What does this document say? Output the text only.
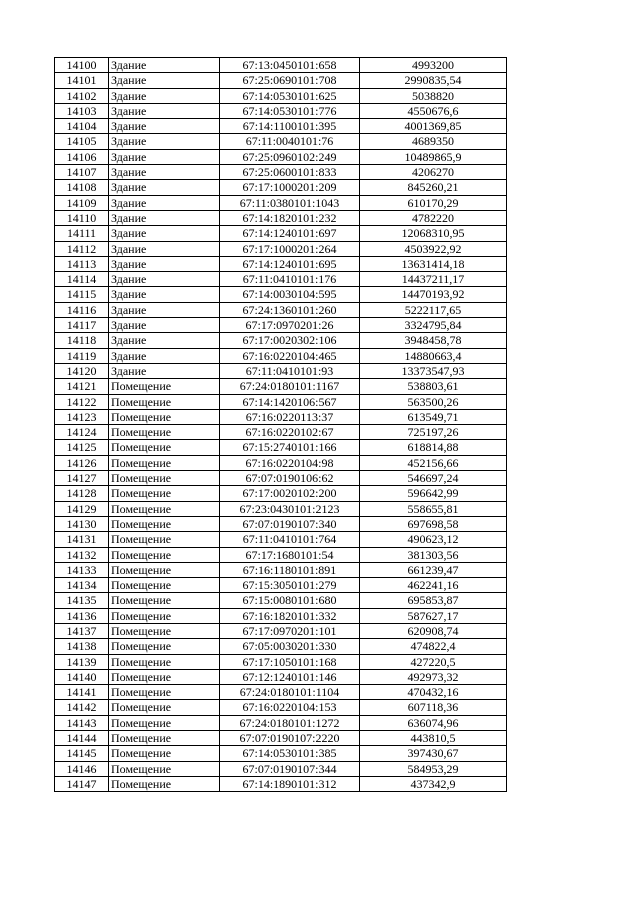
14100	Здание	67:13:0450101:658	4993200
14101	Здание	67:25:0690101:708	2990835,54
14102	Здание	67:14:0530101:625	5038820
14103	Здание	67:14:0530101:776	4550676,6
14104	Здание	67:14:1100101:395	4001369,85
14105	Здание	67:11:0040101:76	4689350
14106	Здание	67:25:0960102:249	10489865,9
14107	Здание	67:25:0600101:833	4206270
14108	Здание	67:17:1000201:209	845260,21
14109	Здание	67:11:0380101:1043	610170,29
14110	Здание	67:14:1820101:232	4782220
14111	Здание	67:14:1240101:697	12068310,95
14112	Здание	67:17:1000201:264	4503922,92
14113	Здание	67:14:1240101:695	13631414,18
14114	Здание	67:11:0410101:176	14437211,17
14115	Здание	67:14:0030104:595	14470193,92
14116	Здание	67:24:1360101:260	5222117,65
14117	Здание	67:17:0970201:26	3324795,84
14118	Здание	67:17:0020302:106	3948458,78
14119	Здание	67:16:0220104:465	14880663,4
14120	Здание	67:11:0410101:93	13373547,93
14121	Помещение	67:24:0180101:1167	538803,61
14122	Помещение	67:14:1420106:567	563500,26
14123	Помещение	67:16:0220113:37	613549,71
14124	Помещение	67:16:0220102:67	725197,26
14125	Помещение	67:15:2740101:166	618814,88
14126	Помещение	67:16:0220104:98	452156,66
14127	Помещение	67:07:0190106:62	546697,24
14128	Помещение	67:17:0020102:200	596642,99
14129	Помещение	67:23:0430101:2123	558655,81
14130	Помещение	67:07:0190107:340	697698,58
14131	Помещение	67:11:0410101:764	490623,12
14132	Помещение	67:17:1680101:54	381303,56
14133	Помещение	67:16:1180101:891	661239,47
14134	Помещение	67:15:3050101:279	462241,16
14135	Помещение	67:15:0080101:680	695853,87
14136	Помещение	67:16:1820101:332	587627,17
14137	Помещение	67:17:0970201:101	620908,74
14138	Помещение	67:05:0030201:330	474822,4
14139	Помещение	67:17:1050101:168	427220,5
14140	Помещение	67:12:1240101:146	492973,32
14141	Помещение	67:24:0180101:1104	470432,16
14142	Помещение	67:16:0220104:153	607118,36
14143	Помещение	67:24:0180101:1272	636074,96
14144	Помещение	67:07:0190107:2220	443810,5
14145	Помещение	67:14:0530101:385	397430,67
14146	Помещение	67:07:0190107:344	584953,29
14147	Помещение	67:14:1890101:312	437342,9
